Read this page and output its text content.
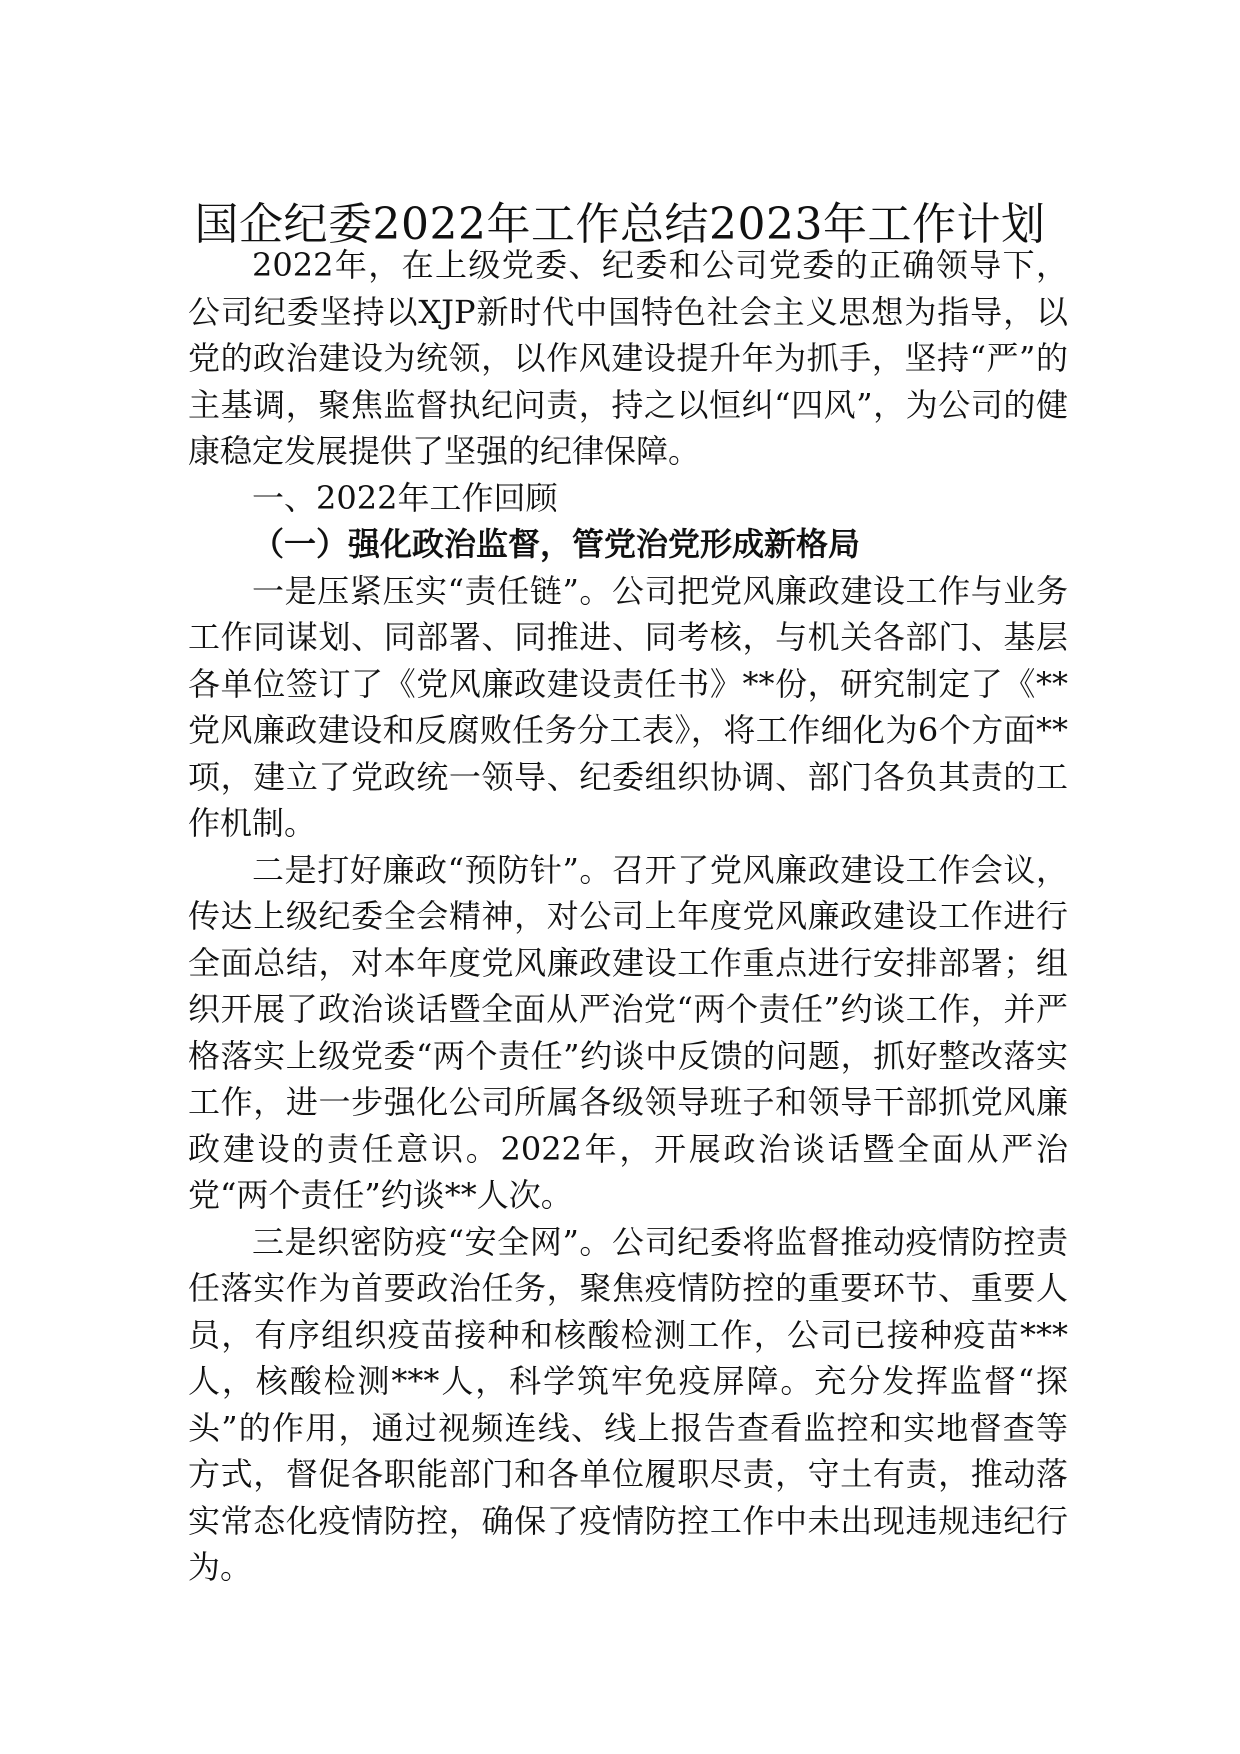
国企纪委2022年工作总结2023年工作计划

2022年，在上级党委、纪委和公司党委的正确领导下，公司纪委坚持以XJP新时代中国特色社会主义思想为指导，以党的政治建设为统领，以作风建设提升年为抓手，坚持“严”的主基调，聚焦监督执纪问责，持之以恒纠“四风”，为公司的健康稳定发展提供了坚强的纪律保障。

一、2022年工作回顾

（一）强化政治监督，管党治党形成新格局

一是压紧压实“责任链”。公司把党风廉政建设工作与业务工作同谋划、同部署、同推进、同考核，与机关各部门、基层各单位签订了《党风廉政建设责任书》**份，研究制定了《**党风廉政建设和反腐败任务分工表》，将工作细化为6个方面**项，建立了党政统一领导、纪委组织协调、部门各负其责的工作机制。

二是打好廉政“预防针”。召开了党风廉政建设工作会议，传达上级纪委全会精神，对公司上年度党风廉政建设工作进行全面总结，对本年度党风廉政建设工作重点进行安排部署；组织开展了政治谈话暨全面从严治党“两个责任”约谈工作，并严格落实上级党委“两个责任”约谈中反馈的问题，抓好整改落实工作，进一步强化公司所属各级领导班子和领导干部抓党风廉政建设的责任意识。2022年，开展政治谈话暨全面从严治党“两个责任”约谈**人次。

三是织密防疫“安全网”。公司纪委将监督推动疫情防控责任落实作为首要政治任务，聚焦疫情防控的重要环节、重要人员，有序组织疫苗接种和核酸检测工作，公司已接种疫苗***人，核酸检测***人，科学筑牢免疫屏障。充分发挥监督“探头”的作用，通过视频连线、线上报告查看监控和实地督查等方式，督促各职能部门和各单位履职尽责，守土有责，推动落实常态化疫情防控，确保了疫情防控工作中未出现违规违纪行为。
